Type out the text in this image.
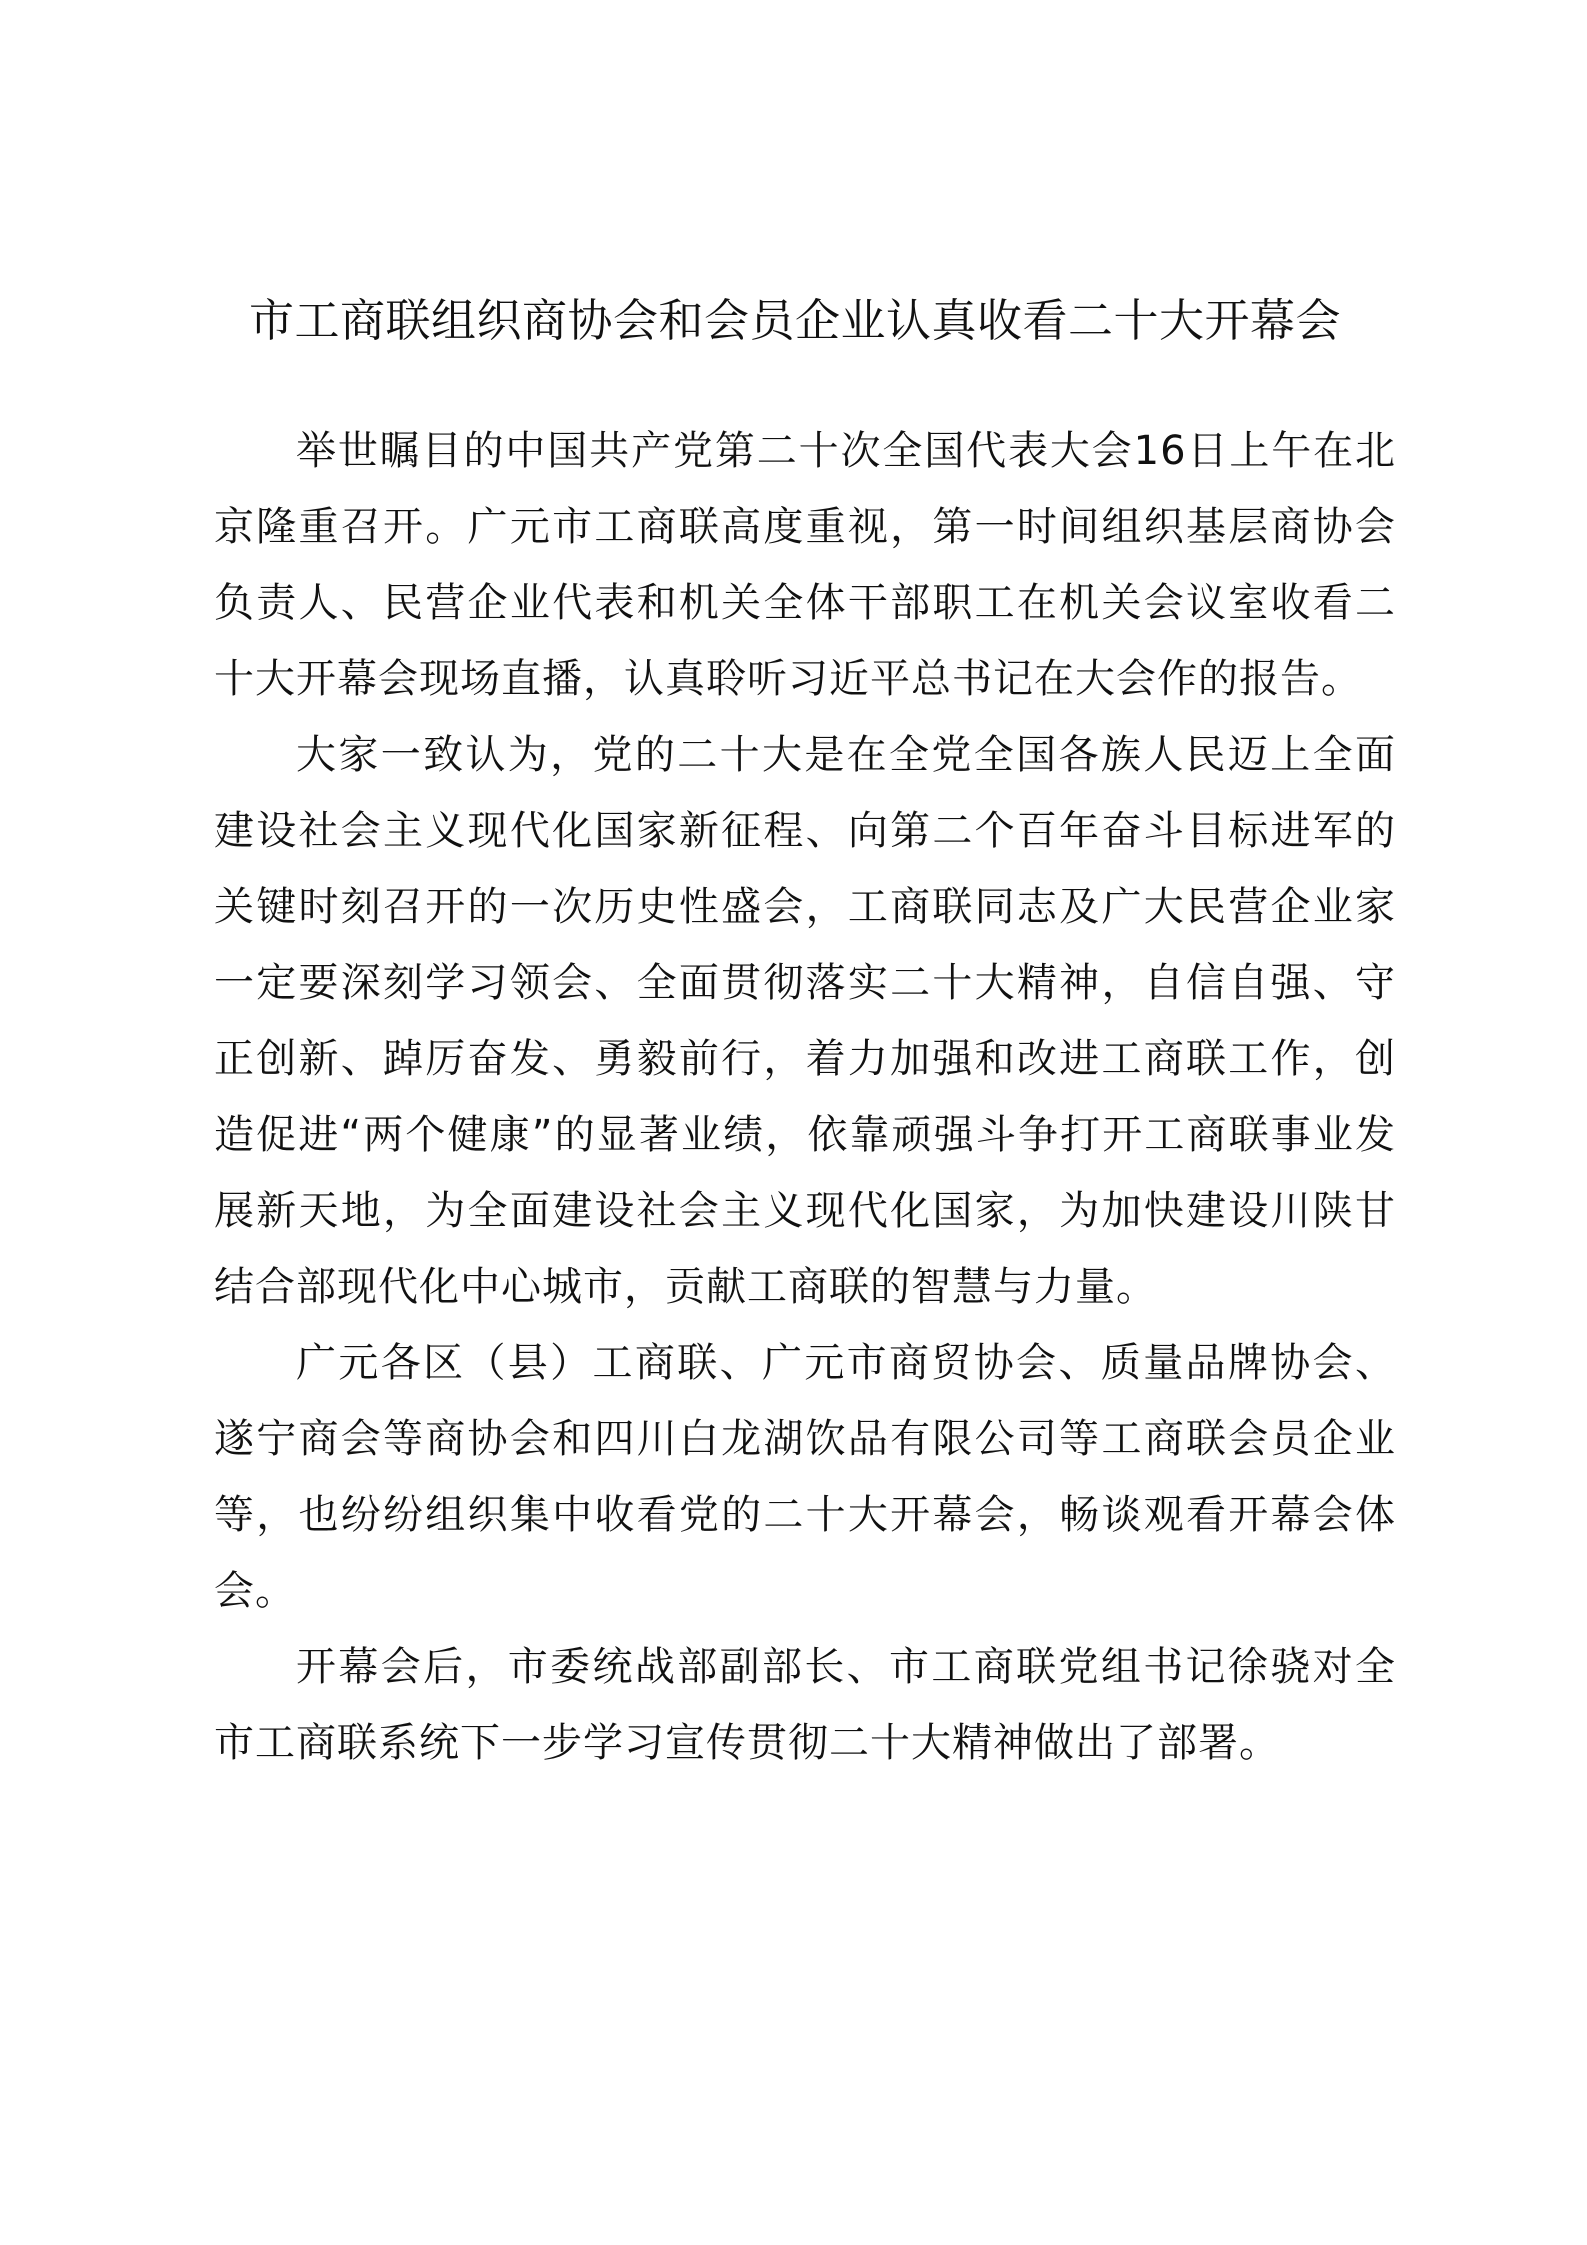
市工商联组织商协会和会员企业认真收看二十大开幕会

举世瞩目的中国共产党第二十次全国代表大会16日上午在北京隆重召开。广元市工商联高度重视，第一时间组织基层商协会负责人、民营企业代表和机关全体干部职工在机关会议室收看二十大开幕会现场直播，认真聆听习近平总书记在大会作的报告。

大家一致认为，党的二十大是在全党全国各族人民迈上全面建设社会主义现代化国家新征程、向第二个百年奋斗目标进军的关键时刻召开的一次历史性盛会，工商联同志及广大民营企业家一定要深刻学习领会、全面贯彻落实二十大精神，自信自强、守正创新、踔厉奋发、勇毅前行，着力加强和改进工商联工作，创造促进“两个健康”的显著业绩，依靠顽强斗争打开工商联事业发展新天地，为全面建设社会主义现代化国家，为加快建设川陕甘结合部现代化中心城市，贡献工商联的智慧与力量。

广元各区（县）工商联、广元市商贸协会、质量品牌协会、遂宁商会等商协会和四川白龙湖饮品有限公司等工商联会员企业等，也纷纷组织集中收看党的二十大开幕会，畅谈观看开幕会体会。

开幕会后，市委统战部副部长、市工商联党组书记徐骁对全市工商联系统下一步学习宣传贯彻二十大精神做出了部署。
